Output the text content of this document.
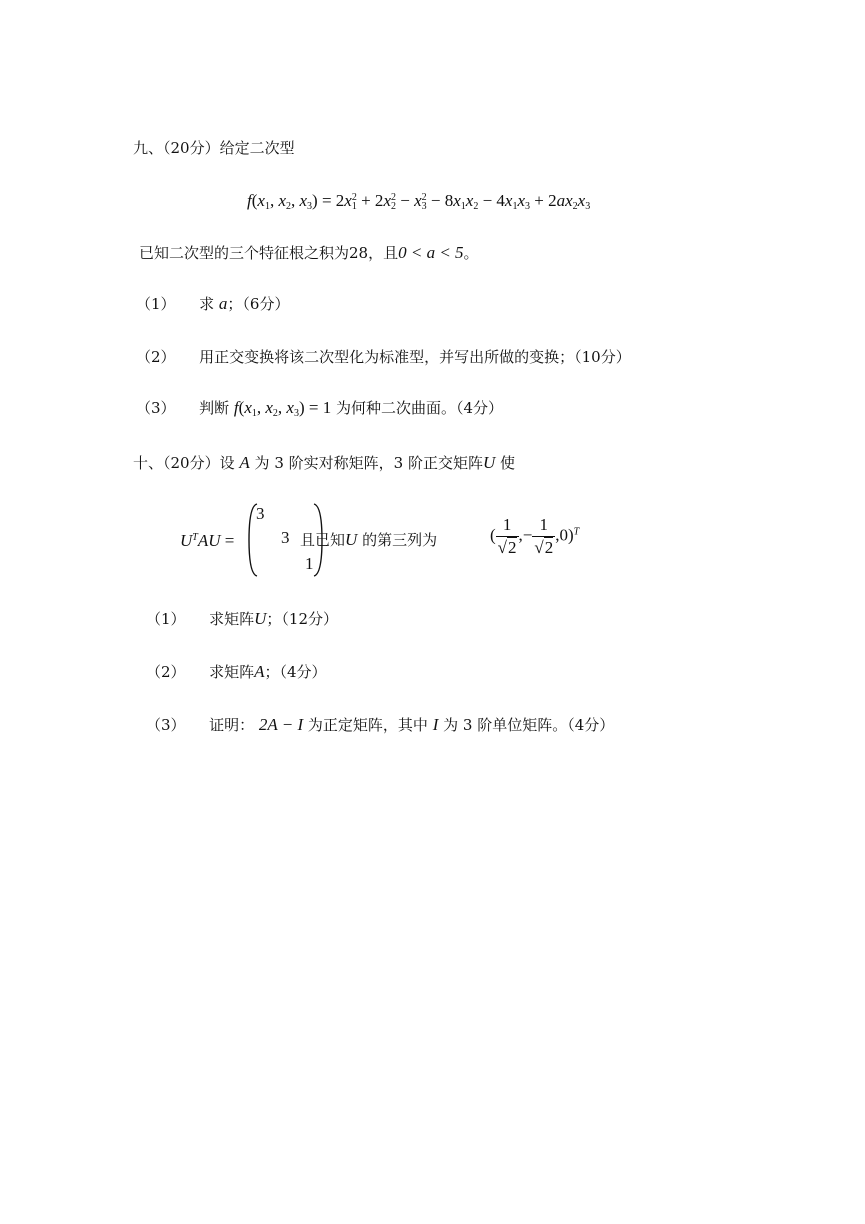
九、（20分）给定二次型
$f(x_1$, $x_2$, $x_3) = 2x_1^2 + 2x_2^2 - x_3^2 - 8x_1x_2 - 4x_1x_3 + 2ax_2x_3$
已知二次型的三个特征根之积为28，且0 < a < 5。
（1） 求 a；（6分）
（2） 用正交变换将该二次型化为标准型，并写出所做的变换；（10分）
（3） 判断 $f(x_1$, $x_2$, $x_3) = 1$ 为何种二次曲面。（4分）
十、（20分）设 A 为 3 阶实对称矩阵，3 阶正交矩阵U 使
$U^TAU$ =
3
3
1
且已知U 的第三列为	( $\frac{1}{√2}$ ,− $\frac{1}{√2} ,0)^T$
（1） 求矩阵U；（12分）
（2） 求矩阵A；（4分）
（3） 证明： 2A − I 为正定矩阵，其中 I 为 3 阶单位矩阵。（4分）
